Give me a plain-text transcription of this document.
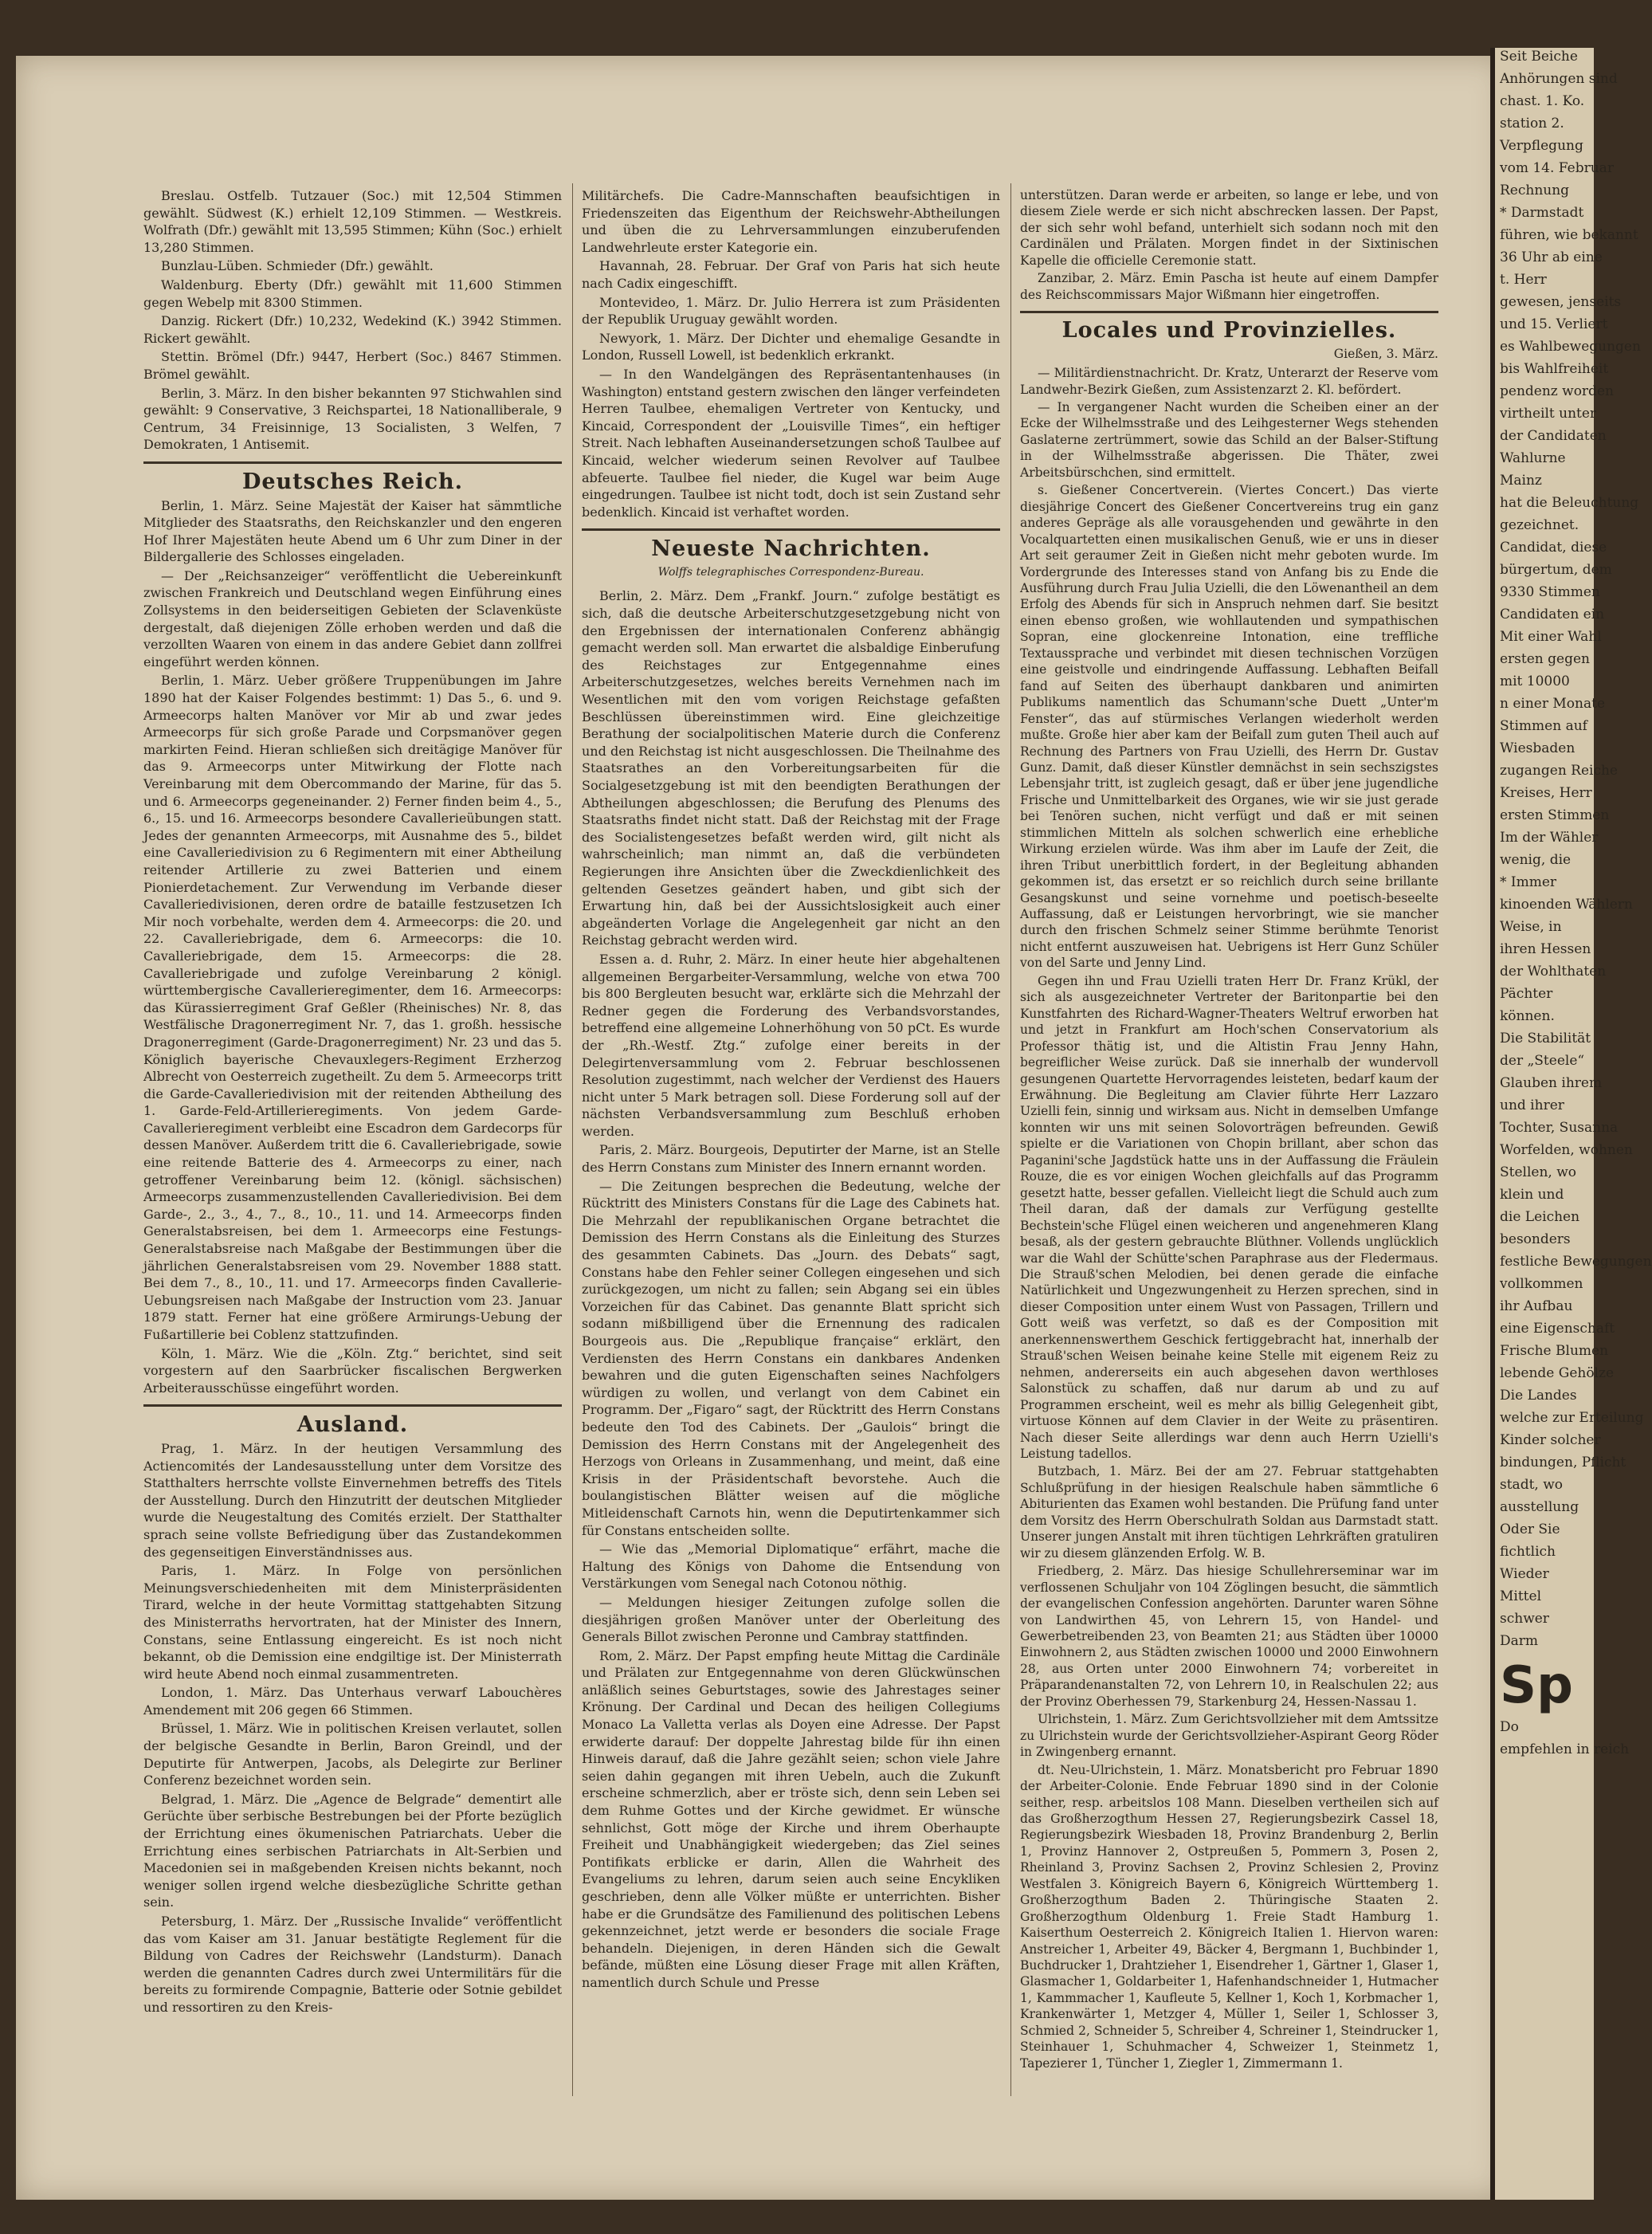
Breslau. Ostfelb. Tutzauer (Soc.) mit 12,504 Stimmen gewählt. Südwest (K.) erhielt 12,109 Stimmen. — Westkreis. Wolfrath (Dfr.) gewählt mit 13,595 Stimmen; Kühn (Soc.) erhielt 13,280 Stimmen.

Bunzlau-Lüben. Schmieder (Dfr.) gewählt.

Waldenburg. Eberty (Dfr.) gewählt mit 11,600 Stimmen gegen Webelp mit 8300 Stimmen.

Danzig. Rickert (Dfr.) 10,232, Wedekind (K.) 3942 Stimmen. Rickert gewählt.

Stettin. Brömel (Dfr.) 9447, Herbert (Soc.) 8467 Stimmen. Brömel gewählt.

Berlin, 3. März. In den bisher bekannten 97 Stichwahlen sind gewählt: 9 Conservative, 3 Reichspartei, 18 Nationalliberale, 9 Centrum, 34 Freisinnige, 13 Socialisten, 3 Welfen, 7 Demokraten, 1 Antisemit.

Deutsches Reich.

Berlin, 1. März. Seine Majestät der Kaiser hat sämmtliche Mitglieder des Staatsraths, den Reichskanzler und den engeren Hof Ihrer Majestäten heute Abend um 6 Uhr zum Diner in der Bildergallerie des Schlosses eingeladen.

— Der „Reichsanzeiger“ veröffentlicht die Uebereinkunft zwischen Frankreich und Deutschland wegen Einführung eines Zollsystems in den beiderseitigen Gebieten der Sclavenküste dergestalt, daß diejenigen Zölle erhoben werden und daß die verzollten Waaren von einem in das andere Gebiet dann zollfrei eingeführt werden können.

Berlin, 1. März. Ueber größere Truppenübungen im Jahre 1890 hat der Kaiser Folgendes bestimmt: 1) Das 5., 6. und 9. Armeecorps halten Manöver vor Mir ab und zwar jedes Armeecorps für sich große Parade und Corpsmanöver gegen markirten Feind. Hieran schließen sich dreitägige Manöver für das 9. Armeecorps unter Mitwirkung der Flotte nach Vereinbarung mit dem Obercommando der Marine, für das 5. und 6. Armeecorps gegeneinander. 2) Ferner finden beim 4., 5., 6., 15. und 16. Armeecorps besondere Cavallerieübungen statt. Jedes der genannten Armeecorps, mit Ausnahme des 5., bildet eine Cavalleriedivision zu 6 Regimentern mit einer Abtheilung reitender Artillerie zu zwei Batterien und einem Pionierdetachement. Zur Verwendung im Verbande dieser Cavalleriedivisionen, deren ordre de bataille festzusetzen Ich Mir noch vorbehalte, werden dem 4. Armeecorps: die 20. und 22. Cavalleriebrigade, dem 6. Armeecorps: die 10. Cavalleriebrigade, dem 15. Armeecorps: die 28. Cavalleriebrigade und zufolge Vereinbarung 2 königl. württembergische Cavallerieregimenter, dem 16. Armeecorps: das Kürassierregiment Graf Geßler (Rheinisches) Nr. 8, das Westfälische Dragonerregiment Nr. 7, das 1. großh. hessische Dragonerregiment (Garde-Dragonerregiment) Nr. 23 und das 5. Königlich bayerische Chevauxlegers-Regiment Erzherzog Albrecht von Oesterreich zugetheilt. Zu dem 5. Armeecorps tritt die Garde-Cavalleriedivision mit der reitenden Abtheilung des 1. Garde-Feld-Artillerieregiments. Von jedem Garde-Cavallerieregiment verbleibt eine Escadron dem Gardecorps für dessen Manöver. Außerdem tritt die 6. Cavalleriebrigade, sowie eine reitende Batterie des 4. Armeecorps zu einer, nach getroffener Vereinbarung beim 12. (königl. sächsischen) Armeecorps zusammenzustellenden Cavalleriedivision. Bei dem Garde-, 2., 3., 4., 7., 8., 10., 11. und 14. Armeecorps finden Generalstabsreisen, bei dem 1. Armeecorps eine Festungs-Generalstabsreise nach Maßgabe der Bestimmungen über die jährlichen Generalstabsreisen vom 29. November 1888 statt. Bei dem 7., 8., 10., 11. und 17. Armeecorps finden Cavallerie-Uebungsreisen nach Maßgabe der Instruction vom 23. Januar 1879 statt. Ferner hat eine größere Armirungs-Uebung der Fußartillerie bei Coblenz stattzufinden.

Köln, 1. März. Wie die „Köln. Ztg.“ berichtet, sind seit vorgestern auf den Saarbrücker fiscalischen Bergwerken Arbeiterausschüsse eingeführt worden.

Ausland.

Prag, 1. März. In der heutigen Versammlung des Actiencomités der Landesausstellung unter dem Vorsitze des Statthalters herrschte vollste Einvernehmen betreffs des Titels der Ausstellung. Durch den Hinzutritt der deutschen Mitglieder wurde die Neugestaltung des Comités erzielt. Der Statthalter sprach seine vollste Befriedigung über das Zustandekommen des gegenseitigen Einverständnisses aus.

Paris, 1. März. In Folge von persönlichen Meinungsverschiedenheiten mit dem Ministerpräsidenten Tirard, welche in der heute Vormittag stattgehabten Sitzung des Ministerraths hervortraten, hat der Minister des Innern, Constans, seine Entlassung eingereicht. Es ist noch nicht bekannt, ob die Demission eine endgiltige ist. Der Ministerrath wird heute Abend noch einmal zusammentreten.

London, 1. März. Das Unterhaus verwarf Labouchères Amendement mit 206 gegen 66 Stimmen.

Brüssel, 1. März. Wie in politischen Kreisen verlautet, sollen der belgische Gesandte in Berlin, Baron Greindl, und der Deputirte für Antwerpen, Jacobs, als Delegirte zur Berliner Conferenz bezeichnet worden sein.

Belgrad, 1. März. Die „Agence de Belgrade“ dementirt alle Gerüchte über serbische Bestrebungen bei der Pforte bezüglich der Errichtung eines ökumenischen Patriarchats. Ueber die Errichtung eines serbischen Patriarchats in Alt-Serbien und Macedonien sei in maßgebenden Kreisen nichts bekannt, noch weniger sollen irgend welche diesbezügliche Schritte gethan sein.

Petersburg, 1. März. Der „Russische Invalide“ veröffentlicht das vom Kaiser am 31. Januar bestätigte Reglement für die Bildung von Cadres der Reichswehr (Landsturm). Danach werden die genannten Cadres durch zwei Untermilitärs für die bereits zu formirende Compagnie, Batterie oder Sotnie gebildet und ressortiren zu den Kreis-

Militärchefs. Die Cadre-Mannschaften beaufsichtigen in Friedenszeiten das Eigenthum der Reichswehr-Abtheilungen und üben die zu Lehrversammlungen einzuberufenden Landwehrleute erster Kategorie ein.

Havannah, 28. Februar. Der Graf von Paris hat sich heute nach Cadix eingeschifft.

Montevideo, 1. März. Dr. Julio Herrera ist zum Präsidenten der Republik Uruguay gewählt worden.

Newyork, 1. März. Der Dichter und ehemalige Gesandte in London, Russell Lowell, ist bedenklich erkrankt.

— In den Wandelgängen des Repräsentantenhauses (in Washington) entstand gestern zwischen den länger verfeindeten Herren Taulbee, ehemaligen Vertreter von Kentucky, und Kincaid, Correspondent der „Louisville Times“, ein heftiger Streit. Nach lebhaften Auseinandersetzungen schoß Taulbee auf Kincaid, welcher wiederum seinen Revolver auf Taulbee abfeuerte. Taulbee fiel nieder, die Kugel war beim Auge eingedrungen. Taulbee ist nicht todt, doch ist sein Zustand sehr bedenklich. Kincaid ist verhaftet worden.

Neueste Nachrichten.
Wolffs telegraphisches Correspondenz-Bureau.

Berlin, 2. März. Dem „Frankf. Journ.“ zufolge bestätigt es sich, daß die deutsche Arbeiterschutzgesetzgebung nicht von den Ergebnissen der internationalen Conferenz abhängig gemacht werden soll. Man erwartet die alsbaldige Einberufung des Reichstages zur Entgegennahme eines Arbeiterschutzgesetzes, welches bereits Vernehmen nach im Wesentlichen mit den vom vorigen Reichstage gefaßten Beschlüssen übereinstimmen wird. Eine gleichzeitige Berathung der socialpolitischen Materie durch die Conferenz und den Reichstag ist nicht ausgeschlossen. Die Theilnahme des Staatsrathes an den Vorbereitungsarbeiten für die Socialgesetzgebung ist mit den beendigten Berathungen der Abtheilungen abgeschlossen; die Berufung des Plenums des Staatsraths findet nicht statt. Daß der Reichstag mit der Frage des Socialistengesetzes befaßt werden wird, gilt nicht als wahrscheinlich; man nimmt an, daß die verbündeten Regierungen ihre Ansichten über die Zweckdienlichkeit des geltenden Gesetzes geändert haben, und gibt sich der Erwartung hin, daß bei der Aussichtslosigkeit auch einer abgeänderten Vorlage die Angelegenheit gar nicht an den Reichstag gebracht werden wird.

Essen a. d. Ruhr, 2. März. In einer heute hier abgehaltenen allgemeinen Bergarbeiter-Versammlung, welche von etwa 700 bis 800 Bergleuten besucht war, erklärte sich die Mehrzahl der Redner gegen die Forderung des Verbandsvorstandes, betreffend eine allgemeine Lohnerhöhung von 50 pCt. Es wurde der „Rh.-Westf. Ztg.“ zufolge einer bereits in der Delegirtenversammlung vom 2. Februar beschlossenen Resolution zugestimmt, nach welcher der Verdienst des Hauers nicht unter 5 Mark betragen soll. Diese Forderung soll auf der nächsten Verbandsversammlung zum Beschluß erhoben werden.

Paris, 2. März. Bourgeois, Deputirter der Marne, ist an Stelle des Herrn Constans zum Minister des Innern ernannt worden.

— Die Zeitungen besprechen die Bedeutung, welche der Rücktritt des Ministers Constans für die Lage des Cabinets hat. Die Mehrzahl der republikanischen Organe betrachtet die Demission des Herrn Constans als die Einleitung des Sturzes des gesammten Cabinets. Das „Journ. des Debats“ sagt, Constans habe den Fehler seiner Collegen eingesehen und sich zurückgezogen, um nicht zu fallen; sein Abgang sei ein übles Vorzeichen für das Cabinet. Das genannte Blatt spricht sich sodann mißbilligend über die Ernennung des radicalen Bourgeois aus. Die „Republique française“ erklärt, den Verdiensten des Herrn Constans ein dankbares Andenken bewahren und die guten Eigenschaften seines Nachfolgers würdigen zu wollen, und verlangt von dem Cabinet ein Programm. Der „Figaro“ sagt, der Rücktritt des Herrn Constans bedeute den Tod des Cabinets. Der „Gaulois“ bringt die Demission des Herrn Constans mit der Angelegenheit des Herzogs von Orleans in Zusammenhang, und meint, daß eine Krisis in der Präsidentschaft bevorstehe. Auch die boulangistischen Blätter weisen auf die mögliche Mitleidenschaft Carnots hin, wenn die Deputirtenkammer sich für Constans entscheiden sollte.

— Wie das „Memorial Diplomatique“ erfährt, mache die Haltung des Königs von Dahome die Entsendung von Verstärkungen vom Senegal nach Cotonou nöthig.

— Meldungen hiesiger Zeitungen zufolge sollen die diesjährigen großen Manöver unter der Oberleitung des Generals Billot zwischen Peronne und Cambray stattfinden.

Rom, 2. März. Der Papst empfing heute Mittag die Cardinäle und Prälaten zur Entgegennahme von deren Glückwünschen anläßlich seines Geburtstages, sowie des Jahrestages seiner Krönung. Der Cardinal und Decan des heiligen Collegiums Monaco La Valletta verlas als Doyen eine Adresse. Der Papst erwiderte darauf: Der doppelte Jahrestag bilde für ihn einen Hinweis darauf, daß die Jahre gezählt seien; schon viele Jahre seien dahin gegangen mit ihren Uebeln, auch die Zukunft erscheine schmerzlich, aber er tröste sich, denn sein Leben sei dem Ruhme Gottes und der Kirche gewidmet. Er wünsche sehnlichst, Gott möge der Kirche und ihrem Oberhaupte Freiheit und Unabhängigkeit wiedergeben; das Ziel seines Pontifikats erblicke er darin, Allen die Wahrheit des Evangeliums zu lehren, darum seien auch seine Encykliken geschrieben, denn alle Völker müßte er unterrichten. Bisher habe er die Grundsätze des Familienund des politischen Lebens gekennzeichnet, jetzt werde er besonders die sociale Frage behandeln. Diejenigen, in deren Händen sich die Gewalt befände, müßten eine Lösung dieser Frage mit allen Kräften, namentlich durch Schule und Presse

unterstützen. Daran werde er arbeiten, so lange er lebe, und von diesem Ziele werde er sich nicht abschrecken lassen. Der Papst, der sich sehr wohl befand, unterhielt sich sodann noch mit den Cardinälen und Prälaten. Morgen findet in der Sixtinischen Kapelle die officielle Ceremonie statt.

Zanzibar, 2. März. Emin Pascha ist heute auf einem Dampfer des Reichscommissars Major Wißmann hier eingetroffen.

Locales und Provinzielles.
Gießen, 3. März.

— Militärdienstnachricht. Dr. Kratz, Unterarzt der Reserve vom Landwehr-Bezirk Gießen, zum Assistenzarzt 2. Kl. befördert.

— In vergangener Nacht wurden die Scheiben einer an der Ecke der Wilhelmsstraße und des Leihgesterner Wegs stehenden Gaslaterne zertrümmert, sowie das Schild an der Balser-Stiftung in der Wilhelmsstraße abgerissen. Die Thäter, zwei Arbeitsbürschchen, sind ermittelt.

s. Gießener Concertverein. (Viertes Concert.) Das vierte diesjährige Concert des Gießener Concertvereins trug ein ganz anderes Gepräge als alle vorausgehenden und gewährte in den Vocalquartetten einen musikalischen Genuß, wie er uns in dieser Art seit geraumer Zeit in Gießen nicht mehr geboten wurde. Im Vordergrunde des Interesses stand von Anfang bis zu Ende die Ausführung durch Frau Julia Uzielli, die den Löwenantheil an dem Erfolg des Abends für sich in Anspruch nehmen darf. Sie besitzt einen ebenso großen, wie wohllautenden und sympathischen Sopran, eine glockenreine Intonation, eine treffliche Textaussprache und verbindet mit diesen technischen Vorzügen eine geistvolle und eindringende Auffassung. Lebhaften Beifall fand auf Seiten des überhaupt dankbaren und animirten Publikums namentlich das Schumann'sche Duett „Unter'm Fenster“, das auf stürmisches Verlangen wiederholt werden mußte. Große hier aber kam der Beifall zum guten Theil auch auf Rechnung des Partners von Frau Uzielli, des Herrn Dr. Gustav Gunz. Damit, daß dieser Künstler demnächst in sein sechszigstes Lebensjahr tritt, ist zugleich gesagt, daß er über jene jugendliche Frische und Unmittelbarkeit des Organes, wie wir sie just gerade bei Tenören suchen, nicht verfügt und daß er mit seinen stimmlichen Mitteln als solchen schwerlich eine erhebliche Wirkung erzielen würde. Was ihm aber im Laufe der Zeit, die ihren Tribut unerbittlich fordert, in der Begleitung abhanden gekommen ist, das ersetzt er so reichlich durch seine brillante Gesangskunst und seine vornehme und poetisch-beseelte Auffassung, daß er Leistungen hervorbringt, wie sie mancher durch den frischen Schmelz seiner Stimme berühmte Tenorist nicht entfernt auszuweisen hat. Uebrigens ist Herr Gunz Schüler von del Sarte und Jenny Lind.

Gegen ihn und Frau Uzielli traten Herr Dr. Franz Krükl, der sich als ausgezeichneter Vertreter der Baritonpartie bei den Kunstfahrten des Richard-Wagner-Theaters Weltruf erworben hat und jetzt in Frankfurt am Hoch'schen Conservatorium als Professor thätig ist, und die Altistin Frau Jenny Hahn, begreiflicher Weise zurück. Daß sie innerhalb der wundervoll gesungenen Quartette Hervorragendes leisteten, bedarf kaum der Erwähnung. Die Begleitung am Clavier führte Herr Lazzaro Uzielli fein, sinnig und wirksam aus. Nicht in demselben Umfange konnten wir uns mit seinen Solovorträgen befreunden. Gewiß spielte er die Variationen von Chopin brillant, aber schon das Paganini'sche Jagdstück hatte uns in der Auffassung die Fräulein Rouze, die es vor einigen Wochen gleichfalls auf das Programm gesetzt hatte, besser gefallen. Vielleicht liegt die Schuld auch zum Theil daran, daß der damals zur Verfügung gestellte Bechstein'sche Flügel einen weicheren und angenehmeren Klang besaß, als der gestern gebrauchte Blüthner. Vollends unglücklich war die Wahl der Schütte'schen Paraphrase aus der Fledermaus. Die Strauß'schen Melodien, bei denen gerade die einfache Natürlichkeit und Ungezwungenheit zu Herzen sprechen, sind in dieser Composition unter einem Wust von Passagen, Trillern und Gott weiß was verfetzt, so daß es der Composition mit anerkennenswerthem Geschick fertiggebracht hat, innerhalb der Strauß'schen Weisen beinahe keine Stelle mit eigenem Reiz zu nehmen, andererseits ein auch abgesehen davon werthloses Salonstück zu schaffen, daß nur darum ab und zu auf Programmen erscheint, weil es mehr als billig Gelegenheit gibt, virtuose Können auf dem Clavier in der Weite zu präsentiren. Nach dieser Seite allerdings war denn auch Herrn Uzielli's Leistung tadellos.

Butzbach, 1. März. Bei der am 27. Februar stattgehabten Schlußprüfung in der hiesigen Realschule haben sämmtliche 6 Abiturienten das Examen wohl bestanden. Die Prüfung fand unter dem Vorsitz des Herrn Oberschulrath Soldan aus Darmstadt statt. Unserer jungen Anstalt mit ihren tüchtigen Lehrkräften gratuliren wir zu diesem glänzenden Erfolg. W. B.

Friedberg, 2. März. Das hiesige Schullehrerseminar war im verflossenen Schuljahr von 104 Zöglingen besucht, die sämmtlich der evangelischen Confession angehörten. Darunter waren Söhne von Landwirthen 45, von Lehrern 15, von Handel- und Gewerbetreibenden 23, von Beamten 21; aus Städten über 10000 Einwohnern 2, aus Städten zwischen 10000 und 2000 Einwohnern 28, aus Orten unter 2000 Einwohnern 74; vorbereitet in Präparandenanstalten 72, von Lehrern 10, in Realschulen 22; aus der Provinz Oberhessen 79, Starkenburg 24, Hessen-Nassau 1.

Ulrichstein, 1. März. Zum Gerichtsvollzieher mit dem Amtssitze zu Ulrichstein wurde der Gerichtsvollzieher-Aspirant Georg Röder in Zwingenberg ernannt.

dt. Neu-Ulrichstein, 1. März. Monatsbericht pro Februar 1890 der Arbeiter-Colonie. Ende Februar 1890 sind in der Colonie seither, resp. arbeitslos 108 Mann. Dieselben vertheilen sich auf das Großherzogthum Hessen 27, Regierungsbezirk Cassel 18, Regierungsbezirk Wiesbaden 18, Provinz Brandenburg 2, Berlin 1, Provinz Hannover 2, Ostpreußen 5, Pommern 3, Posen 2, Rheinland 3, Provinz Sachsen 2, Provinz Schlesien 2, Provinz Westfalen 3. Königreich Bayern 6, Königreich Württemberg 1. Großherzogthum Baden 2. Thüringische Staaten 2. Großherzogthum Oldenburg 1. Freie Stadt Hamburg 1. Kaiserthum Oesterreich 2. Königreich Italien 1. Hiervon waren: Anstreicher 1, Arbeiter 49, Bäcker 4, Bergmann 1, Buchbinder 1, Buchdrucker 1, Drahtzieher 1, Eisendreher 1, Gärtner 1, Glaser 1, Glasmacher 1, Goldarbeiter 1, Hafenhandschneider 1, Hutmacher 1, Kammmacher 1, Kaufleute 5, Kellner 1, Koch 1, Korbmacher 1, Krankenwärter 1, Metzger 4, Müller 1, Seiler 1, Schlosser 3, Schmied 2, Schneider 5, Schreiber 4, Schreiner 1, Steindrucker 1, Steinhauer 1, Schuhmacher 4, Schweizer 1, Steinmetz 1, Tapezierer 1, Tüncher 1, Ziegler 1, Zimmermann 1.

Seit Beiche

Anhörungen sind

chast. 1. Ko.

station 2.

Verpflegung

vom 14. Februar

Rechnung

* Darmstadt

führen, wie bekannt

36 Uhr ab eine

t. Herr

gewesen, jenseits

und 15. Verliert

es Wahlbewegungen

bis Wahlfreiheit

pendenz worden

virtheilt unter

der Candidaten

Wahlurne

Mainz

hat die Beleuchtung

gezeichnet.

Candidat, diese

bürgertum, dem

9330 Stimmen

Candidaten ein

Mit einer Wahl

ersten gegen

mit 10000

n einer Monate

Stimmen auf

Wiesbaden

zugangen Reiche

Kreises, Herr

ersten Stimmen

Im der Wähler

wenig, die

* Immer

kinoenden Wählern

Weise, in

ihren Hessen

der Wohlthaten

Pächter

können.

Die Stabilität

der „Steele“

Glauben ihrem

und ihrer

Tochter, Susanna

Worfelden, wohnen

Stellen, wo

klein und

die Leichen

besonders

festliche Bewegungen

vollkommen

ihr Aufbau

eine Eigenschaft

Frische Blumen

lebende Gehölze

Die Landes

welche zur Erteilung

Kinder solcher

bindungen, Pflicht

stadt, wo

ausstellung

Oder Sie

fichtlich

Wieder

Mittel

schwer

Darm

Sp

Do

empfehlen in reich
